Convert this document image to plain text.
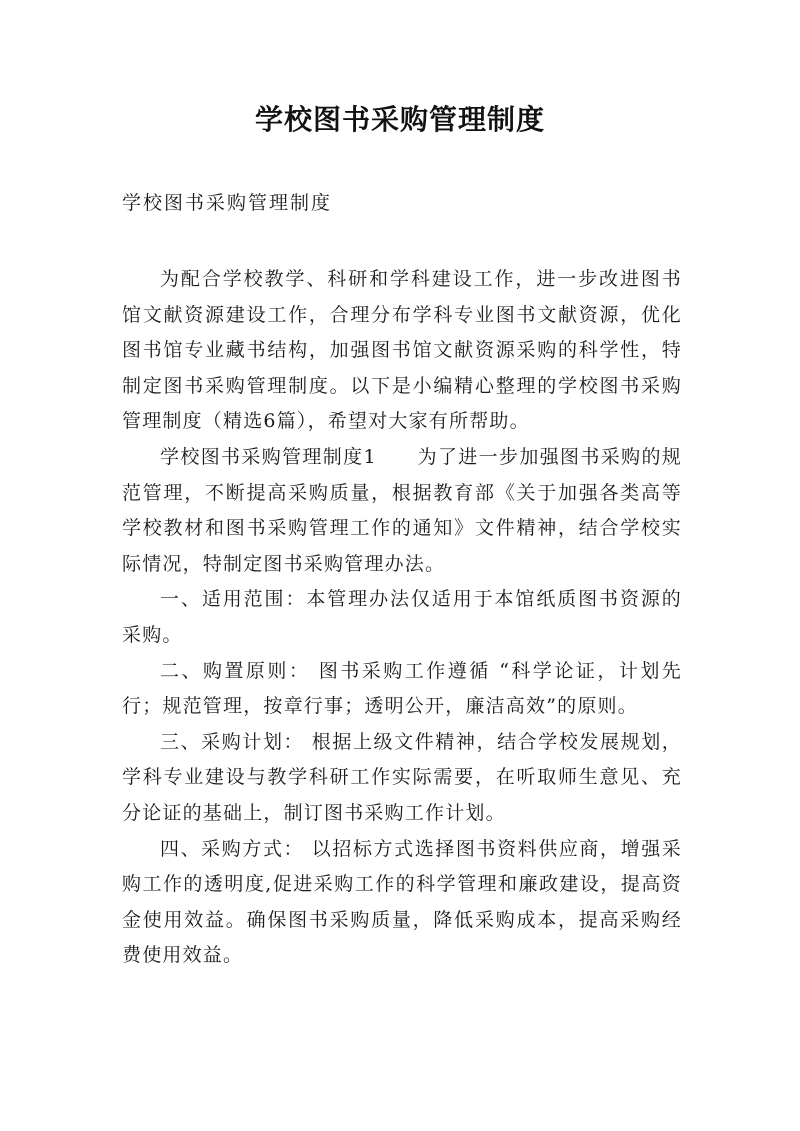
学校图书采购管理制度
学校图书采购管理制度

为配合学校教学、科研和学科建设工作，进一步改进图书馆文献资源建设工作，合理分布学科专业图书文献资源，优化图书馆专业藏书结构，加强图书馆文献资源采购的科学性，特制定图书采购管理制度。以下是小编精心整理的学校图书采购管理制度（精选6篇），希望对大家有所帮助。

学校图书采购管理制度1　　为了进一步加强图书采购的规范管理，不断提高采购质量，根据教育部《关于加强各类高等学校教材和图书采购管理工作的通知》文件精神，结合学校实际情况，特制定图书采购管理办法。

一、适用范围：本管理办法仅适用于本馆纸质图书资源的采购。

二、购置原则： 图书采购工作遵循 “科学论证，计划先行；规范管理，按章行事；透明公开，廉洁高效”的原则。

三、采购计划： 根据上级文件精神，结合学校发展规划，学科专业建设与教学科研工作实际需要，在听取师生意见、充分论证的基础上，制订图书采购工作计划。

四、采购方式： 以招标方式选择图书资料供应商，增强采购工作的透明度,促进采购工作的科学管理和廉政建设，提高资金使用效益。确保图书采购质量，降低采购成本，提高采购经费使用效益。
